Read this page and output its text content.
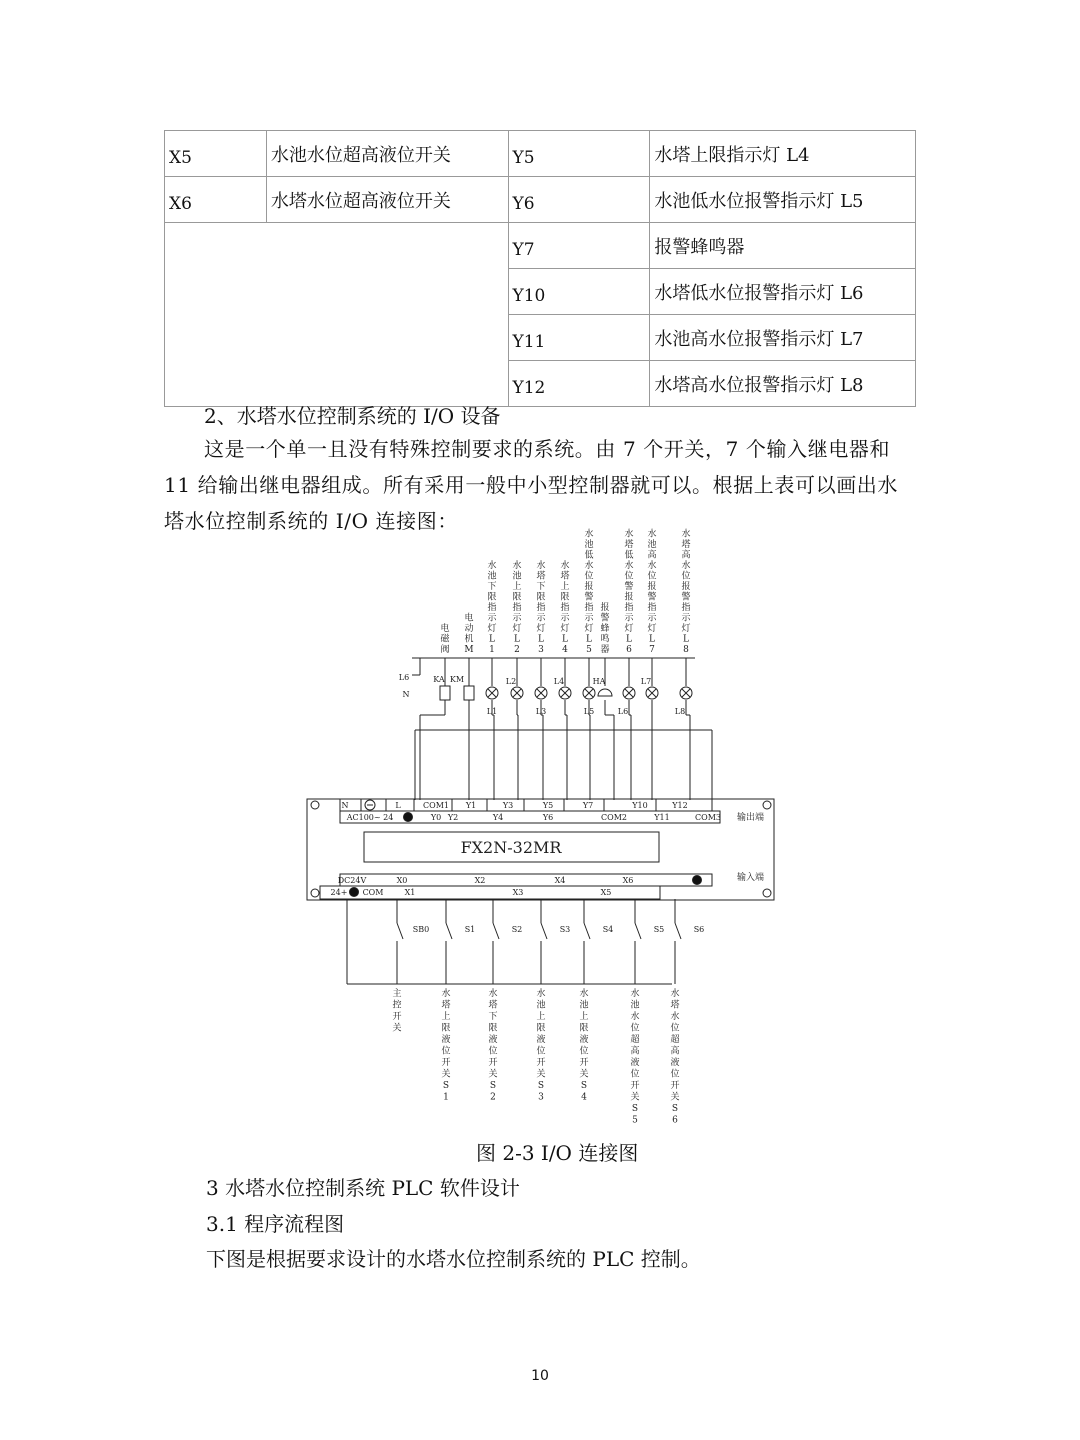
X5	水池水位超高液位开关	Y5	水塔上限指示灯 L4
X6	水塔水位超高液位开关	Y6	水池低水位报警指示灯 L5
		Y7	报警蜂鸣器
		Y10	水塔低水位报警指示灯 L6
		Y11	水池高水位报警指示灯 L7
		Y12	水塔高水位报警指示灯 L8
2、水塔水位控制系统的 I/O 设备
这是一个单一且没有特殊控制要求的系统。由 7 个开关，7 个输入继电器和 11 给输出继电器组成。所有采用一般中小型控制器就可以。根据上表可以画出水塔水位控制系统的 I/O 连接图：
电磁阀
KA
电动机 M
KM
水池下限指示灯 L 1
L1
水池上限指示灯 L 2
L2
水塔下限指示灯 L 3
L3
水塔上限指示灯 L 4
L4
水池低水位报警指示灯 L 5
L5
报警蜂鸣器
HA
水塔低水位警报指示灯 L 6
L6
水池高水位报警指示灯 L 7
L7
水塔高水位报警指示灯 L 8
L8
L6
N
N	L	COM1 Y1	Y3	Y5	Y7	Y10	Y12
AC100~ 24	Y0 Y2	Y4	Y6	COM2	Y11	COM3 输出端
FX2N-32MR
DC24V	X0	X2	X4	X6
24+ COM	X1	X3	X5
输入端
SB0
主控开关
S1
水塔上限液位开关 S 1
S2
水塔下限液位开关 S 2
S3
水池上限液位开关 S 3
S4
水池上限液位开关 S 4
S5
水池水位超高液位开关 S 5
S6
水塔水位超高液位开关 S 6
图 2-3 I/O 连接图
3 水塔水位控制系统 PLC 软件设计
3.1 程序流程图
下图是根据要求设计的水塔水位控制系统的 PLC 控制。
10
